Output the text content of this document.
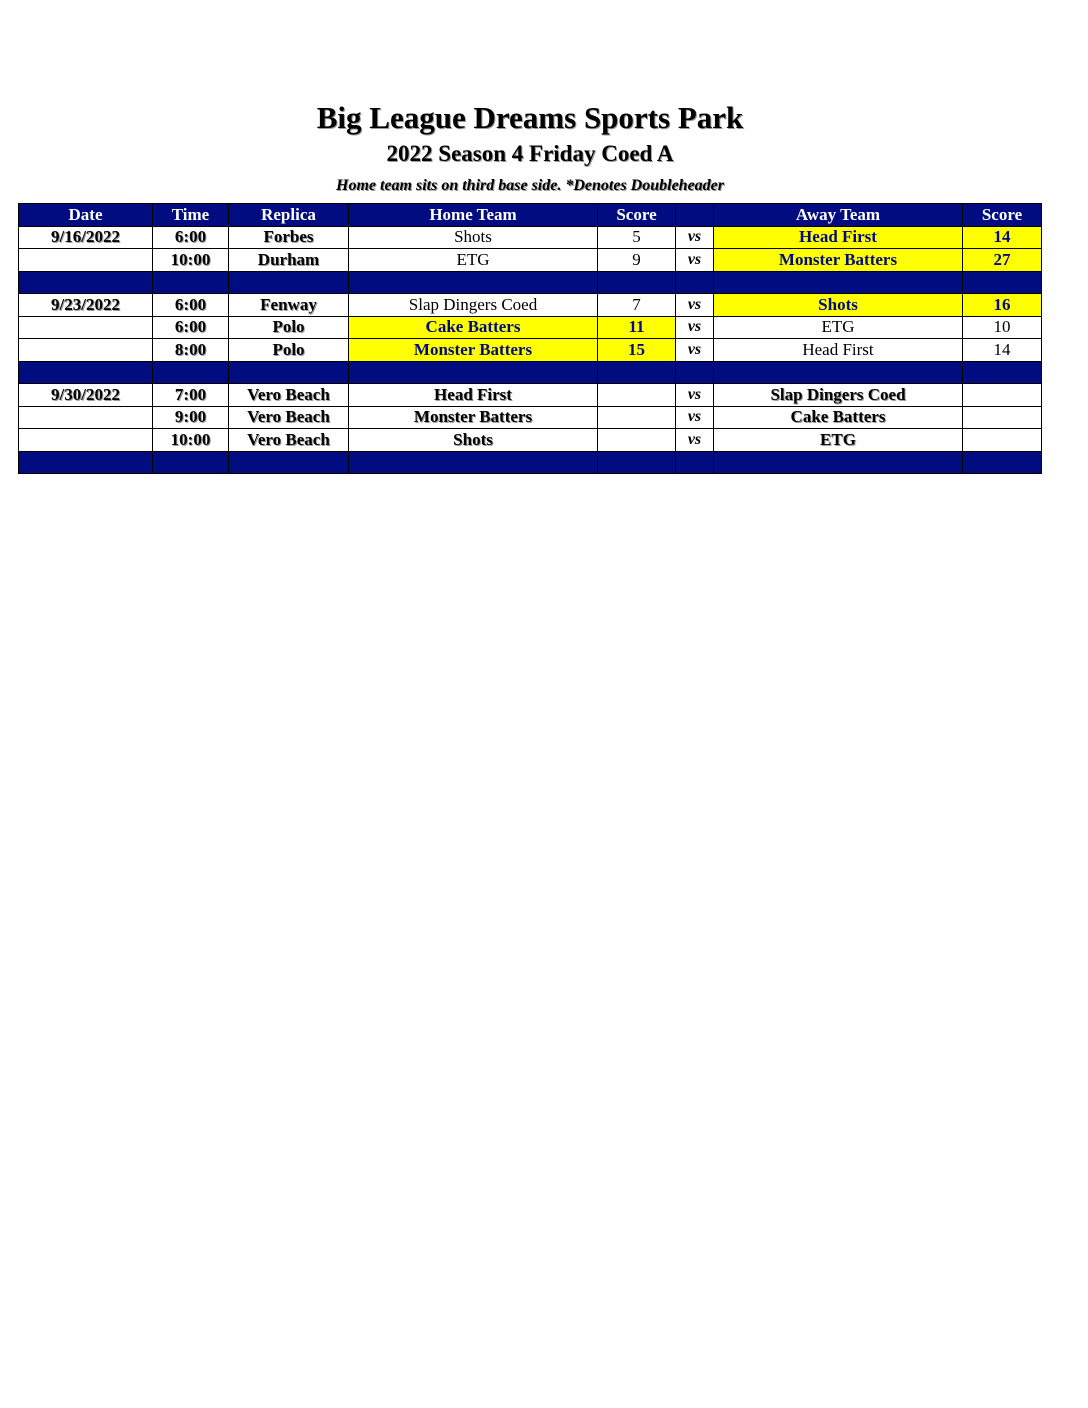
Big League Dreams Sports Park
2022 Season 4 Friday Coed A
Home team sits on third base side. *Denotes Doubleheader
Date	Time	Replica	Home Team	Score		Away Team	Score
9/16/2022	6:00	Forbes	Shots	5	vs	Head First	14
	10:00	Durham	ETG	9	vs	Monster Batters	27

9/23/2022	6:00	Fenway	Slap Dingers Coed	7	vs	Shots	16
	6:00	Polo	Cake Batters	11	vs	ETG	10
	8:00	Polo	Monster Batters	15	vs	Head First	14

9/30/2022	7:00	Vero Beach	Head First		vs	Slap Dingers Coed	
	9:00	Vero Beach	Monster Batters		vs	Cake Batters	
	10:00	Vero Beach	Shots		vs	ETG	
